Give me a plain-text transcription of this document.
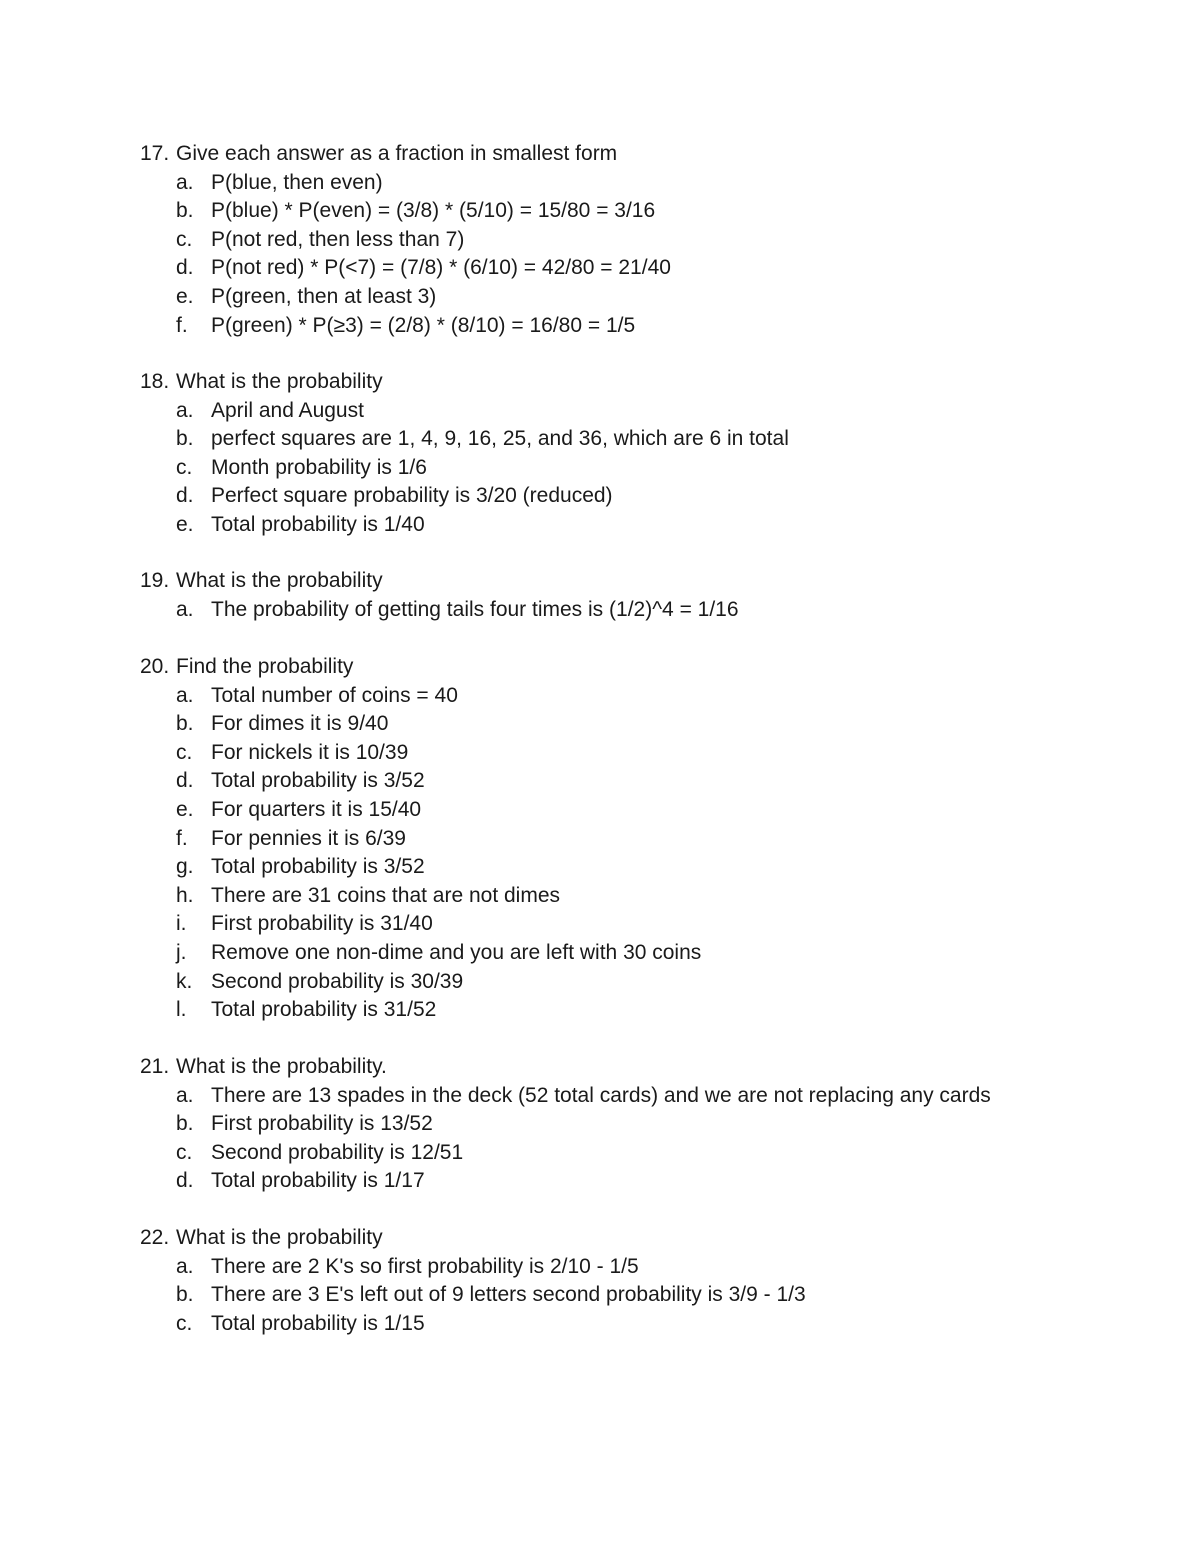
17. Give each answer as a fraction in smallest form
a. P(blue, then even)
b. P(blue) * P(even) = (3/8) * (5/10) = 15/80 = 3/16
c. P(not red, then less than 7)
d. P(not red) * P(<7) = (7/8) * (6/10) = 42/80 = 21/40
e. P(green, then at least 3)
f.	P(green) * P(≥3) = (2/8) * (8/10) = 16/80 = 1/5
18. What is the probability
a. April and August
b. perfect squares are 1, 4, 9, 16, 25, and 36, which are 6 in total
c. Month probability is 1/6
d. Perfect square probability is 3/20 (reduced)
e. Total probability is 1/40
19. What is the probability
a. The probability of getting tails four times is (1/2)^4 = 1/16
20. Find the probability
a. Total number of coins = 40
b. For dimes it is 9/40
c. For nickels it is 10/39
d. Total probability is 3/52
e. For quarters it is 15/40
f.	For pennies it is 6/39
g. Total probability is 3/52
h. There are 31 coins that are not dimes
i.	First probability is 31/40
j.	Remove one non-dime and you are left with 30 coins
k. Second probability is 30/39
l.	Total probability is 31/52
21. What is the probability.
a. There are 13 spades in the deck (52 total cards) and we are not replacing any cards
b. First probability is 13/52
c. Second probability is 12/51
d. Total probability is 1/17
22. What is the probability
a. There are 2 K's so first probability is 2/10 - 1/5
b. There are 3 E's left out of 9 letters second probability is 3/9 - 1/3
c. Total probability is 1/15
